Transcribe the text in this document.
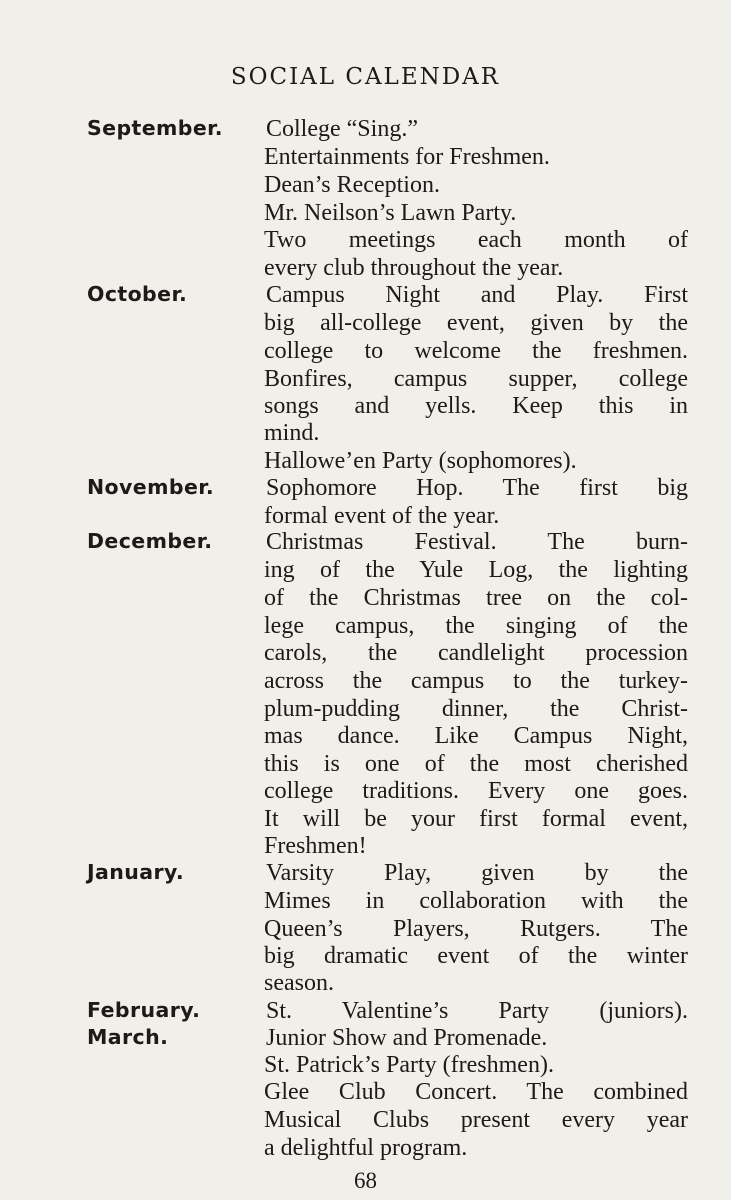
SOCIAL CALENDAR
September.
October.
November.
December.
January.
February.
March.
College “Sing.”
Entertainments for Freshmen.
Dean’s Reception.
Mr. Neilson’s Lawn Party.
Two meetings each month of
every club throughout the year.
Campus Night and Play. First
big all-college event, given by the
college to welcome the freshmen.
Bonfires, campus supper, college
songs and yells. Keep this in
mind.
Hallowe’en Party (sophomores).
Sophomore Hop. The first big
formal event of the year.
Christmas Festival. The burn-
ing of the Yule Log, the lighting
of the Christmas tree on the col-
lege campus, the singing of the
carols, the candlelight procession
across the campus to the turkey-
plum-pudding dinner, the Christ-
mas dance. Like Campus Night,
this is one of the most cherished
college traditions. Every one goes.
It will be your first formal event,
Freshmen!
Varsity Play, given by the
Mimes in collaboration with the
Queen’s Players, Rutgers. The
big dramatic event of the winter
season.
St. Valentine’s Party (juniors).
Junior Show and Promenade.
St. Patrick’s Party (freshmen).
Glee Club Concert. The combined
Musical Clubs present every year
a delightful program.
68
